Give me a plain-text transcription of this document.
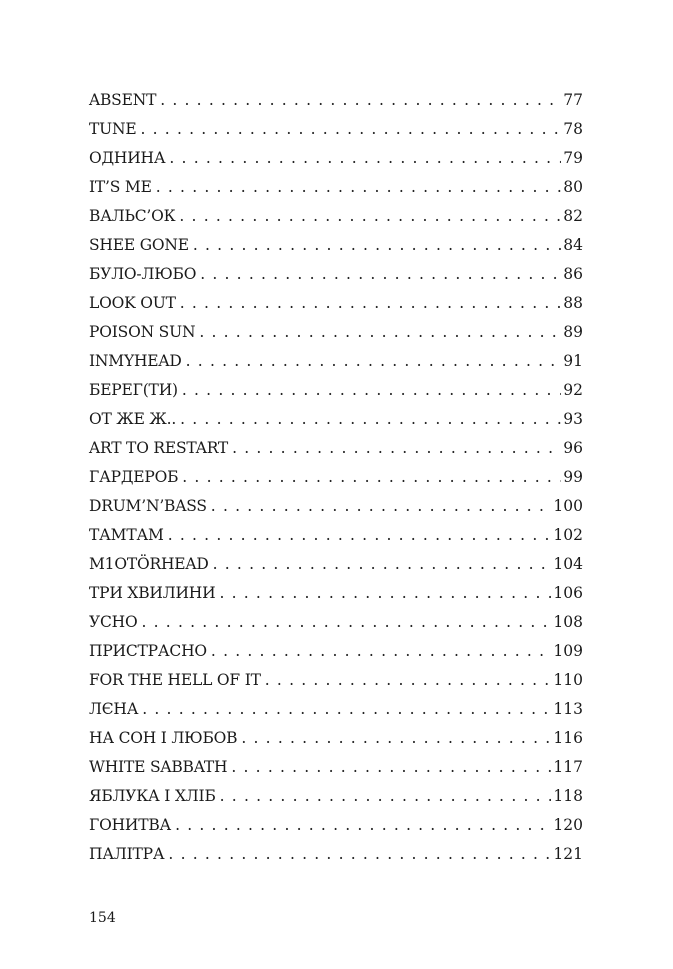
ABSENT . . .	77
TUNE . . .	78
ОДНИНА . . .	79
IT’S ME . . .	80
ВАЛЬС’ОК . . .	82
SHEE GONE . . .	84
БУЛО-ЛЮБО . . .	86
LOOK OUT . . .	88
POISON SUN . . .	89
INMYHEAD . . .	91
БЕРЕГ(ТИ) . . .	92
ОТ ЖЕ Ж.. . . .	93
ART TO RESTART . . .	96
ГАРДЕРОБ . . .	99
DRUM’N’BASS . . .	100
ТАМТАМ . . .	102
M1OTÖRHEAD . . .	104
ТРИ ХВИЛИНИ . . .	106
УСНО . . .	108
ПРИСТРАСНО . . .	109
FOR THE HELL OF IT . . .	110
ЛЄНА . . .	113
НА СОН І ЛЮБОВ . . .	116
WHITE SABBATH . . .	117
ЯБЛУКА І ХЛІБ . . .	118
ГОНИТВА . . .	120
ПАЛІТРА . . .	121
154
